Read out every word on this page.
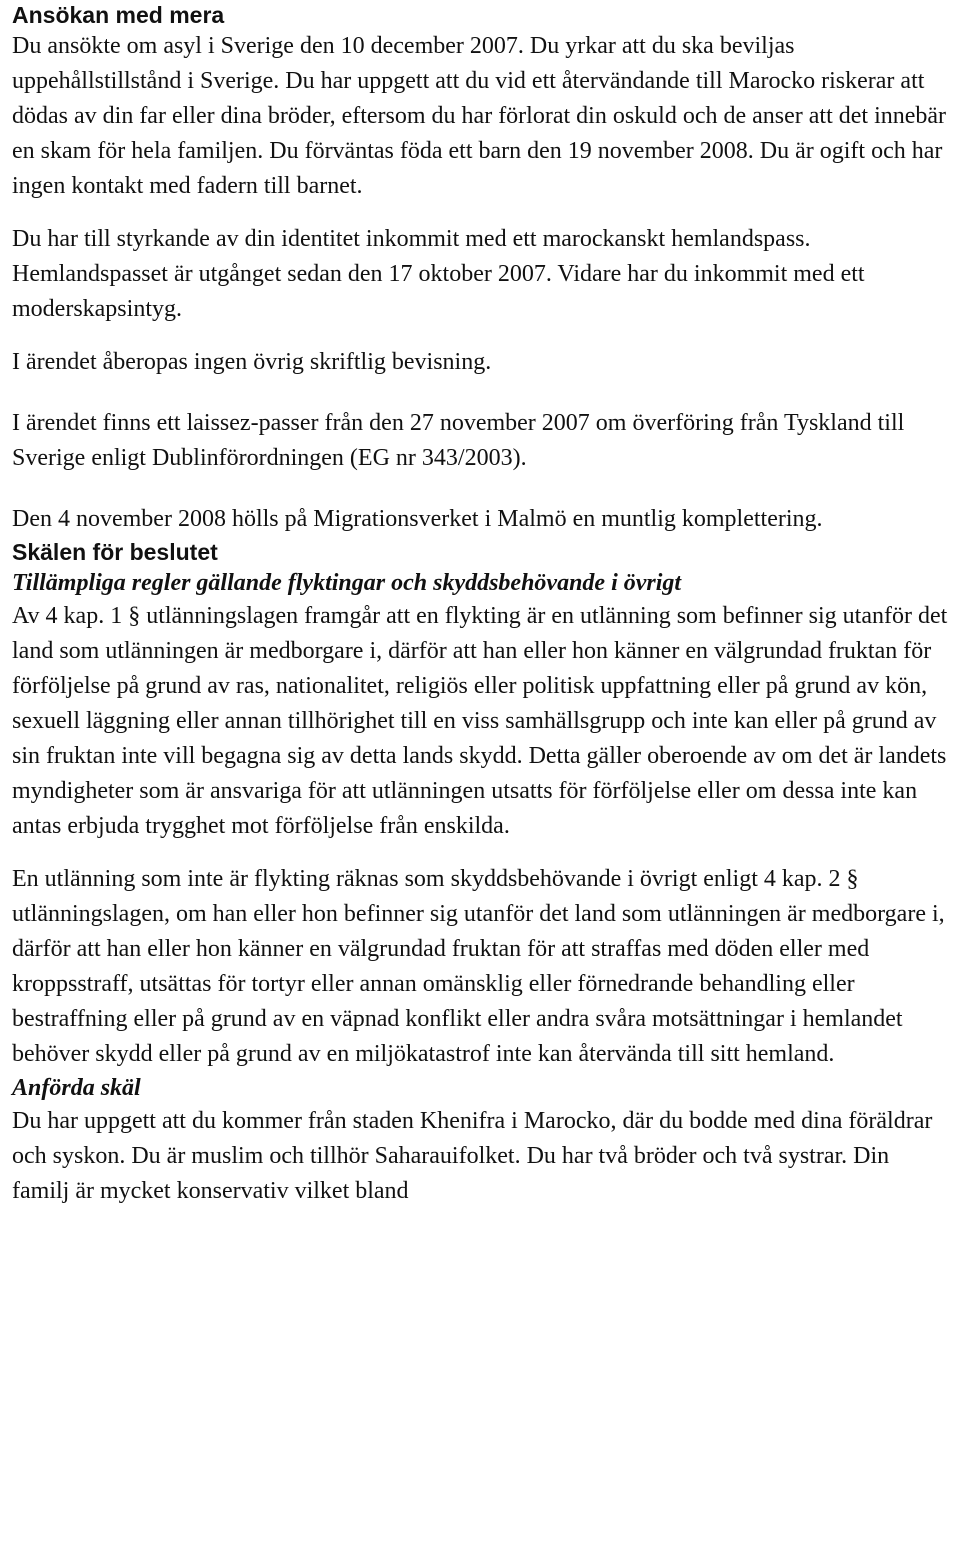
Ansökan med mera

Du ansökte om asyl i Sverige den 10 december 2007. Du yrkar att du ska beviljas uppehållstillstånd i Sverige. Du har uppgett att du vid ett återvändande till Marocko riskerar att dödas av din far eller dina bröder, eftersom du har förlorat din oskuld och de anser att det innebär en skam för hela familjen. Du förväntas föda ett barn den 19 november 2008. Du är ogift och har ingen kontakt med fadern till barnet.

Du har till styrkande av din identitet inkommit med ett marockanskt hemlandspass. Hemlandspasset är utgånget sedan den 17 oktober 2007. Vidare har du inkommit med ett moderskapsintyg.

I ärendet åberopas ingen övrig skriftlig bevisning.

I ärendet finns ett laissez-passer från den 27 november 2007 om överföring från Tyskland till Sverige enligt Dublinförordningen (EG nr 343/2003).

Den 4 november 2008 hölls på Migrationsverket i Malmö en muntlig komplettering.

Skälen för beslutet
Tillämpliga regler gällande flyktingar och skyddsbehövande i övrigt

Av 4 kap. 1 § utlänningslagen framgår att en flykting är en utlänning som befinner sig utanför det land som utlänningen är medborgare i, därför att han eller hon känner en välgrundad fruktan för förföljelse på grund av ras, nationalitet, religiös eller politisk uppfattning eller på grund av kön, sexuell läggning eller annan tillhörighet till en viss samhällsgrupp och inte kan eller på grund av sin fruktan inte vill begagna sig av detta lands skydd. Detta gäller oberoende av om det är landets myndigheter som är ansvariga för att utlänningen utsatts för förföljelse eller om dessa inte kan antas erbjuda trygghet mot förföljelse från enskilda.

En utlänning som inte är flykting räknas som skyddsbehövande i övrigt enligt 4 kap. 2 § utlänningslagen, om han eller hon befinner sig utanför det land som utlänningen är medborgare i, därför att han eller hon känner en välgrundad fruktan för att straffas med döden eller med kroppsstraff, utsättas för tortyr eller annan omänsklig eller förnedrande behandling eller bestraffning eller på grund av en väpnad konflikt eller andra svåra motsättningar i hemlandet behöver skydd eller på grund av en miljökatastrof inte kan återvända till sitt hemland.

Anförda skäl

Du har uppgett att du kommer från staden Khenifra i Marocko, där du bodde med dina föräldrar och syskon. Du är muslim och tillhör Saharauifolket. Du har två bröder och två systrar. Din familj är mycket konservativ vilket bland
